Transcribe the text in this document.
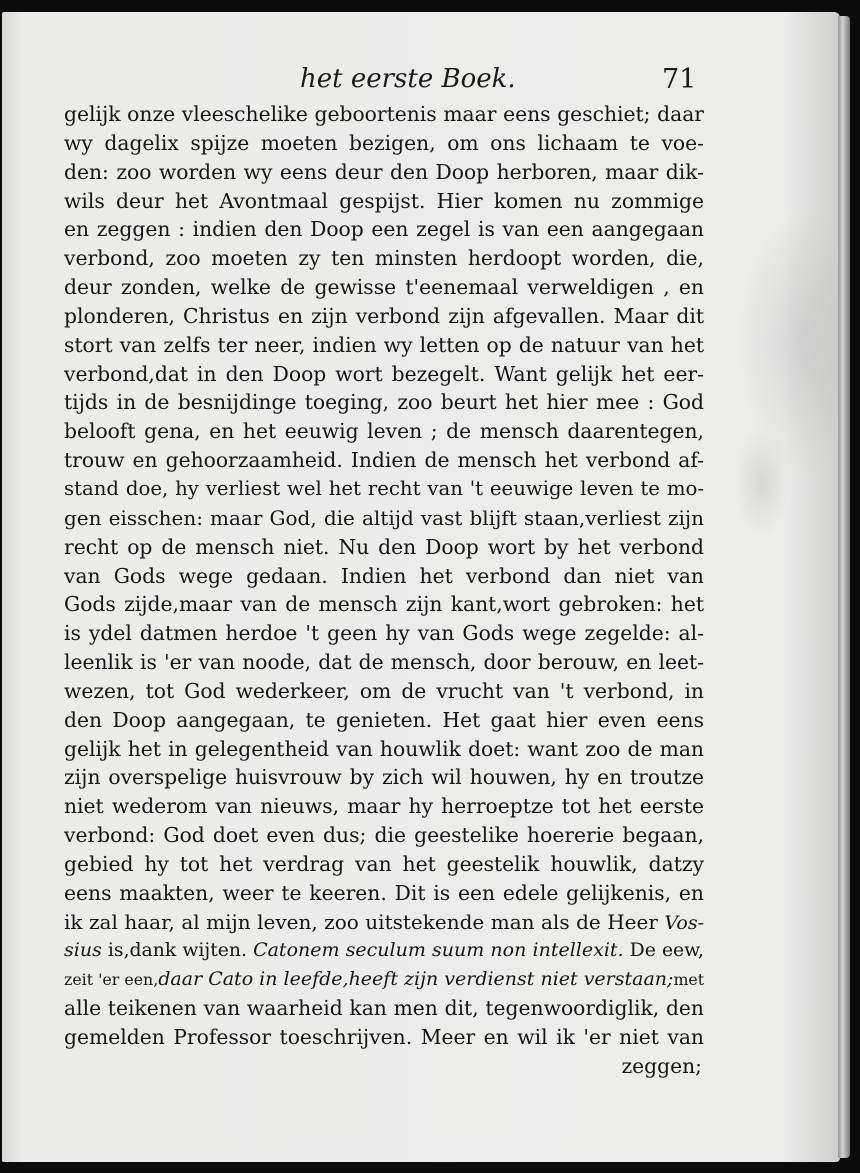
het eerste Boek.	71
gelijk onze vleeschelike geboortenis maar eens geschiet; daar
wy dagelix spijze moeten bezigen, om ons lichaam te voe-
den: zoo worden wy eens deur den Doop herboren, maar dik-
wils deur het Avontmaal gespijst. Hier komen nu zommige
en zeggen : indien den Doop een zegel is van een aangegaan
verbond, zoo moeten zy ten minsten herdoopt worden, die,
deur zonden, welke de gewisse t'eenemaal verweldigen , en
plonderen, Christus en zijn verbond zijn afgevallen. Maar dit
stort van zelfs ter neer, indien wy letten op de natuur van het
verbond,dat in den Doop wort bezegelt. Want gelijk het eer-
tijds in de besnijdinge toeging, zoo beurt het hier mee : God
belooft gena, en het eeuwig leven ; de mensch daarentegen,
trouw en gehoorzaamheid. Indien de mensch het verbond af-
stand doe, hy verliest wel het recht van 't eeuwige leven te mo-
gen eisschen: maar God, die altijd vast blijft staan,verliest zijn
recht op de mensch niet. Nu den Doop wort by het verbond
van Gods wege gedaan. Indien het verbond dan niet van
Gods zijde,maar van de mensch zijn kant,wort gebroken: het
is ydel datmen herdoe 't geen hy van Gods wege zegelde: al-
leenlik is 'er van noode, dat de mensch, door berouw, en leet-
wezen, tot God wederkeer, om de vrucht van 't verbond, in
den Doop aangegaan, te genieten. Het gaat hier even eens
gelijk het in gelegentheid van houwlik doet: want zoo de man
zijn overspelige huisvrouw by zich wil houwen, hy en troutze
niet wederom van nieuws, maar hy herroeptze tot het eerste
verbond: God doet even dus; die geestelike hoererie begaan,
gebied hy tot het verdrag van het geestelik houwlik, datzy
eens maakten, weer te keeren. Dit is een edele gelijkenis, en
ik zal haar, al mijn leven, zoo uitstekende man als de Heer Vos-
sius is,dank wijten. Catonem seculum suum non intellexit. De eew,
zeit 'er een,daar Cato in leefde,heeft zijn verdienst niet verstaan;met
alle teikenen van waarheid kan men dit, tegenwoordiglik, den
gemelden Professor toeschrijven. Meer en wil ik 'er niet van
zeggen;
